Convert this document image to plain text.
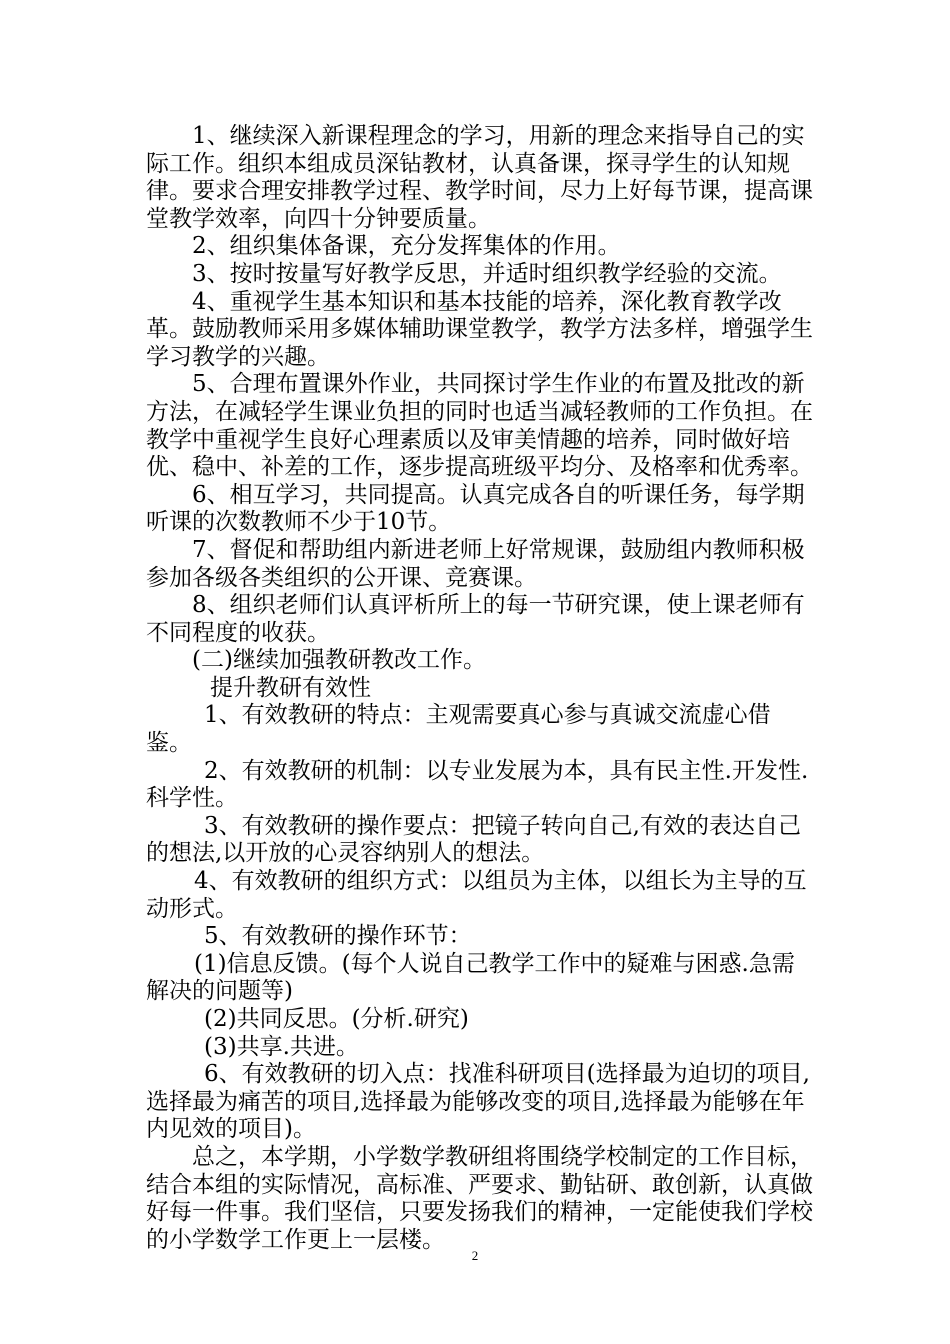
1、继续深入新课程理念的学习，用新的理念来指导自己的实际工作。组织本组成员深钻教材，认真备课，探寻学生的认知规律。要求合理安排教学过程、教学时间，尽力上好每节课，提高课堂教学效率，向四十分钟要质量。

2、组织集体备课，充分发挥集体的作用。

3、按时按量写好教学反思，并适时组织教学经验的交流。

4、重视学生基本知识和基本技能的培养，深化教育教学改革。鼓励教师采用多媒体辅助课堂教学，教学方法多样，增强学生学习教学的兴趣。

5、合理布置课外作业，共同探讨学生作业的布置及批改的新方法，在减轻学生课业负担的同时也适当减轻教师的工作负担。在教学中重视学生良好心理素质以及审美情趣的培养，同时做好培优、稳中、补差的工作，逐步提高班级平均分、及格率和优秀率。

6、相互学习，共同提高。认真完成各自的听课任务，每学期听课的次数教师不少于10节。

7、督促和帮助组内新进老师上好常规课，鼓励组内教师积极参加各级各类组织的公开课、竞赛课。

8、组织老师们认真评析所上的每一节研究课，使上课老师有不同程度的收获。

(二)继续加强教研教改工作。

提升教研有效性

1、有效教研的特点：主观需要真心参与真诚交流虚心借鉴。

2、有效教研的机制：以专业发展为本，具有民主性.开发性.科学性。

3、有效教研的操作要点：把镜子转向自己,有效的表达自己的想法,以开放的心灵容纳别人的想法。

4、有效教研的组织方式：以组员为主体，以组长为主导的互动形式。

5、有效教研的操作环节：

(1)信息反馈。(每个人说自己教学工作中的疑难与困惑.急需解决的问题等)

(2)共同反思。(分析.研究)

(3)共享.共进。

6、有效教研的切入点：找准科研项目(选择最为迫切的项目,选择最为痛苦的项目,选择最为能够改变的项目,选择最为能够在年内见效的项目)。

总之，本学期，小学数学教研组将围绕学校制定的工作目标，结合本组的实际情况，高标准、严要求、勤钻研、敢创新，认真做好每一件事。我们坚信，只要发扬我们的精神，一定能使我们学校的小学数学工作更上一层楼。

2
